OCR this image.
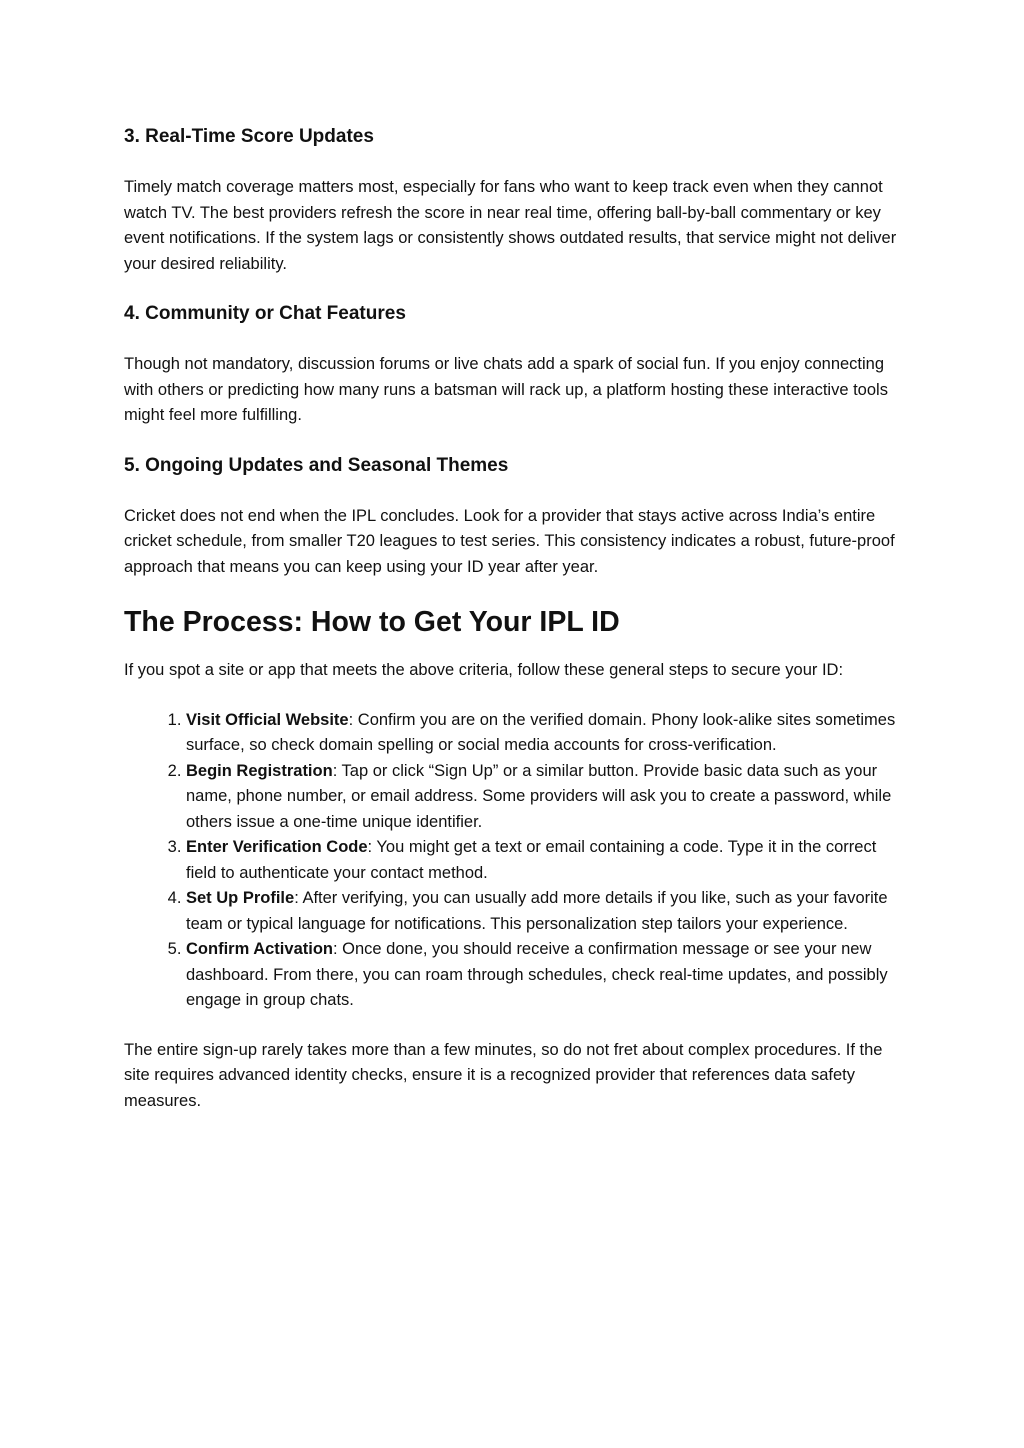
3. Real-Time Score Updates

Timely match coverage matters most, especially for fans who want to keep track even when they cannot watch TV. The best providers refresh the score in near real time, offering ball-by-ball commentary or key event notifications. If the system lags or consistently shows outdated results, that service might not deliver your desired reliability.

4. Community or Chat Features

Though not mandatory, discussion forums or live chats add a spark of social fun. If you enjoy connecting with others or predicting how many runs a batsman will rack up, a platform hosting these interactive tools might feel more fulfilling.

5. Ongoing Updates and Seasonal Themes

Cricket does not end when the IPL concludes. Look for a provider that stays active across India’s entire cricket schedule, from smaller T20 leagues to test series. This consistency indicates a robust, future-proof approach that means you can keep using your ID year after year.

The Process: How to Get Your IPL ID

If you spot a site or app that meets the above criteria, follow these general steps to secure your ID:

1. Visit Official Website: Confirm you are on the verified domain. Phony look-alike sites sometimes surface, so check domain spelling or social media accounts for cross-verification.
2. Begin Registration: Tap or click “Sign Up” or a similar button. Provide basic data such as your name, phone number, or email address. Some providers will ask you to create a password, while others issue a one-time unique identifier.
3. Enter Verification Code: You might get a text or email containing a code. Type it in the correct field to authenticate your contact method.
4. Set Up Profile: After verifying, you can usually add more details if you like, such as your favorite team or typical language for notifications. This personalization step tailors your experience.
5. Confirm Activation: Once done, you should receive a confirmation message or see your new dashboard. From there, you can roam through schedules, check real-time updates, and possibly engage in group chats.

The entire sign-up rarely takes more than a few minutes, so do not fret about complex procedures. If the site requires advanced identity checks, ensure it is a recognized provider that references data safety measures.
